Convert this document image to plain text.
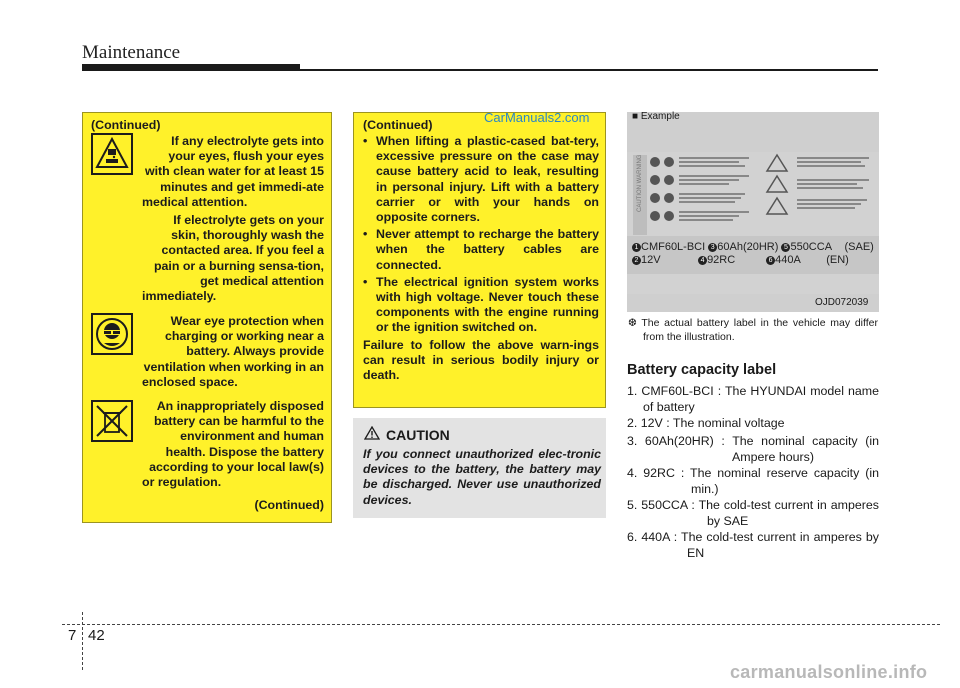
Maintenance
(Continued)
If any electrolyte gets into your eyes, flush your eyes with clean water for at least 15 minutes and get immedi-ate medical attention.
If electrolyte gets on your skin, thoroughly wash the contacted area. If you feel a pain or a burning sensa-tion, get medical attention immediately.
Wear eye protection when charging or working near a battery. Always provide ventilation when working in an enclosed space.
An inappropriately disposed battery can be harmful to the environment and human health. Dispose the battery according to your local law(s) or regulation.
(Continued)
(Continued)
• When lifting a plastic-cased bat-tery, excessive pressure on the case may cause battery acid to leak, resulting in personal injury. Lift with a battery carrier or with your hands on opposite corners.
• Never attempt to recharge the battery when the battery cables are connected.
• The electrical ignition system works with high voltage. Never touch these components with the engine running or the ignition switched on.
Failure to follow the above warn-ings can result in serious bodily injury or death.
CAUTION
If you connect unauthorized elec-tronic devices to the battery, the battery may be discharged. Never use unauthorized devices.
CarManuals2.com	■ Example
CAUTION WARNING
1 CMF60L-BCI 3 60Ah(20HR) 5 550CCA (SAE)
2 12V	4 92RC	6 440A (EN)
OJD072039
❆ The actual battery label in the vehicle may differ from the illustration.
Battery capacity label
1. CMF60L-BCI : The HYUNDAI model name of battery
2. 12V : The nominal voltage
3. 60Ah(20HR) : The nominal capacity (in Ampere hours)
4. 92RC : The nominal reserve capacity (in min.)
5. 550CCA : The cold-test current in amperes by SAE
6. 440A : The cold-test current in amperes by EN
7 42
carmanualsonline.info
